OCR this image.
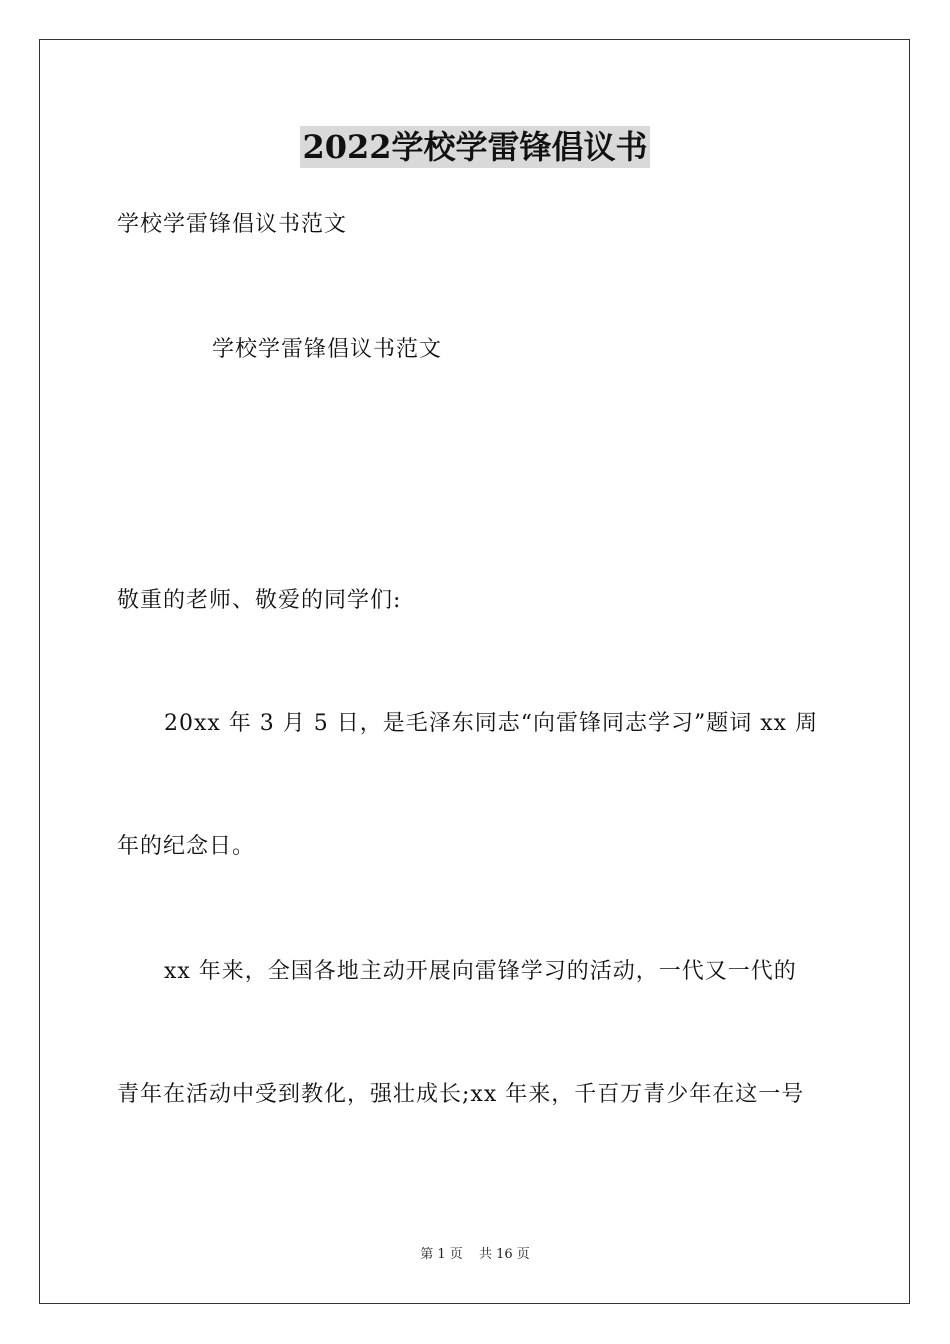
2022学校学雷锋倡议书
学校学雷锋倡议书范文
学校学雷锋倡议书范文
敬重的老师、敬爱的同学们:
20xx 年 3 月 5 日，是毛泽东同志“向雷锋同志学习”题词 xx 周
年的纪念日。
xx 年来，全国各地主动开展向雷锋学习的活动，一代又一代的
青年在活动中受到教化，强壮成长;xx 年来，千百万青少年在这一号
第 1 页 共 16 页
